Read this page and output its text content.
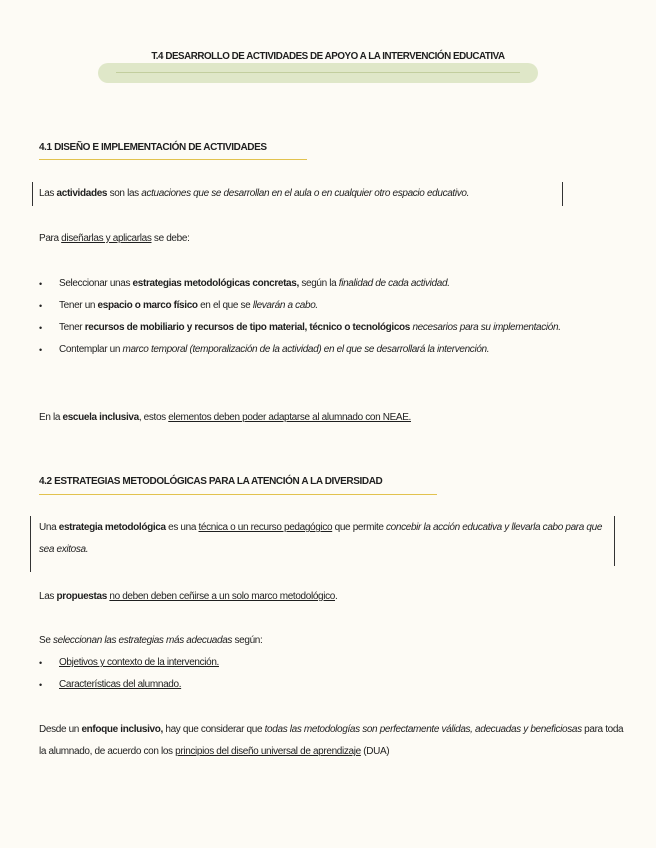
T.4 DESARROLLO DE ACTIVIDADES DE APOYO A LA INTERVENCIÓN EDUCATIVA
4.1 DISEÑO E IMPLEMENTACIÓN DE ACTIVIDADES
Las actividades son las actuaciones que se desarrollan en el aula o en cualquier otro espacio educativo.
Para diseñarlas y aplicarlas se debe:
• Seleccionar unas estrategias metodológicas concretas, según la finalidad de cada actividad.
• Tener un espacio o marco físico en el que se llevarán a cabo.
• Tener recursos de mobiliario y recursos de tipo material, técnico o tecnológicos necesarios para su implementación.
• Contemplar un marco temporal (temporalización de la actividad) en el que se desarrollará la intervención.
En la escuela inclusiva, estos elementos deben poder adaptarse al alumnado con NEAE.
4.2 ESTRATEGIAS METODOLÓGICAS PARA LA ATENCIÓN A LA DIVERSIDAD
Una estrategia metodológica es una técnica o un recurso pedagógico que permite concebir la acción educativa y llevarla cabo para que sea exitosa.
Las propuestas no deben deben ceñirse a un solo marco metodológico.
Se seleccionan las estrategias más adecuadas según:
• Objetivos y contexto de la intervención.
• Características del alumnado.
Desde un enfoque inclusivo, hay que considerar que todas las metodologías son perfectamente válidas, adecuadas y beneficiosas para toda la alumnado, de acuerdo con los principios del diseño universal de aprendizaje (DUA)
